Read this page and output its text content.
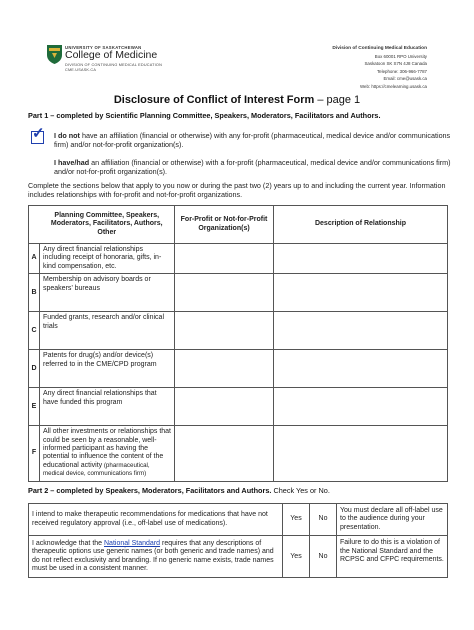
UNIVERSITY OF SASKATCHEWAN
College of Medicine
DIVISION OF CONTINUING MEDICAL EDUCATION
CME.USASK.CA
Division of Continuing Medical Education
Box 60001 RPO University
Saskatoon SK S7N 4J8 Canada
Telephone: 306-966-7787
Email: cme@usask.ca
Web: https://cmelearning.usask.ca
Disclosure of Conflict of Interest Form – page 1
Part 1 – completed by Scientific Planning Committee, Speakers, Moderators, Facilitators and Authors.
✓ I do not have an affiliation (financial or otherwise) with any for-profit (pharmaceutical, medical device and/or communications firm) and/or not-for-profit organization(s).
I have/had an affiliation (financial or otherwise) with a for-profit (pharmaceutical, medical device and/or communications firm) and/or not-for-profit organization(s).
Complete the sections below that apply to you now or during the past two (2) years up to and including the current year. Information includes relationships with for-profit and not-for-profit organizations.
	Planning Committee, Speakers, Moderators, Facilitators, Authors, Other	For-Profit or Not-for-Profit Organization(s)	Description of Relationship
A	Any direct financial relationships including receipt of honoraria, gifts, in-kind compensation, etc.		
B	Membership on advisory boards or speakers’ bureaus		
C	Funded grants, research and/or clinical trials		
D	Patents for drug(s) and/or device(s) referred to in the CME/CPD program		
E	Any direct financial relationships that have funded this program		
F	All other investments or relationships that could be seen by a reasonable, well-informed participant as having the potential to influence the content of the educational activity (pharmaceutical, medical device, communications firm)		
Part 2 – completed by Speakers, Moderators, Facilitators and Authors. Check Yes or No.
I intend to make therapeutic recommendations for medications that have not received regulatory approval (i.e., off-label use of medications).	Yes	No	You must declare all off-label use to the audience during your presentation.
I acknowledge that the National Standard requires that any descriptions of therapeutic options use generic names (or both generic and trade names) and do not reflect exclusivity and branding. If no generic name exists, trade names must be used in a consistent manner.	Yes	No	Failure to do this is a violation of the National Standard and the RCPSC and CFPC requirements.
